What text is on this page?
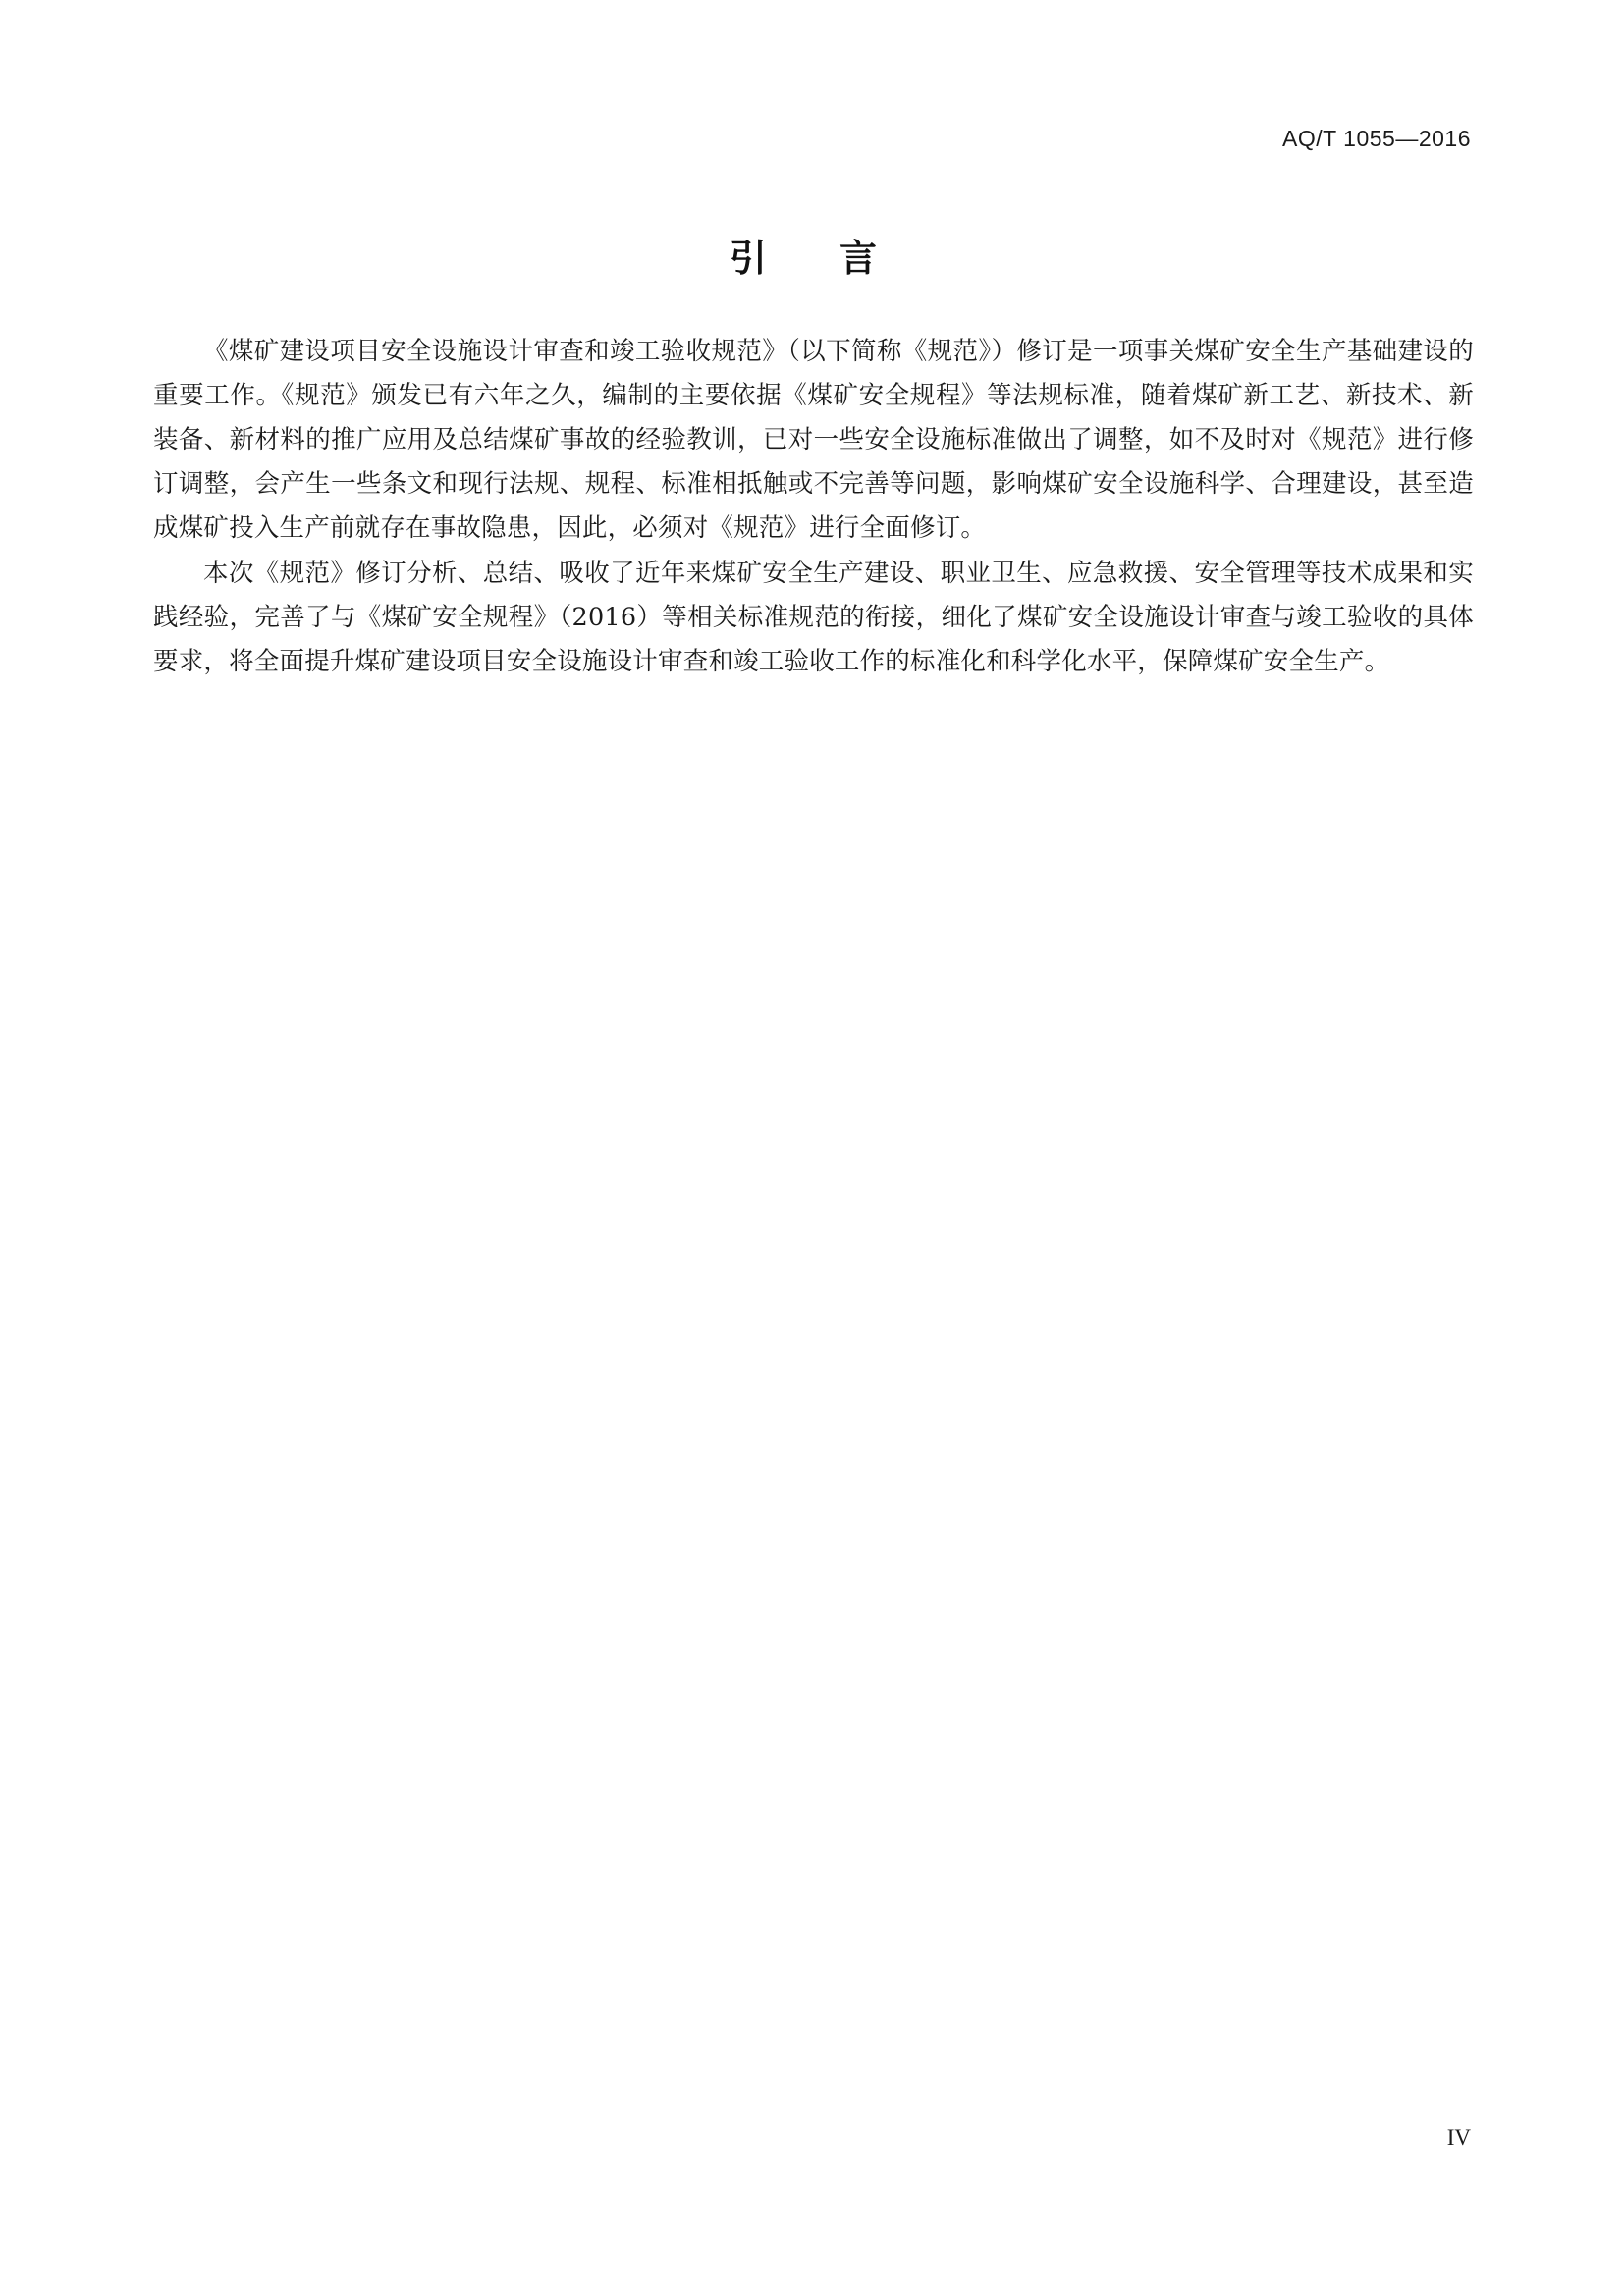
AQ/T 1055—2016
引　言

《煤矿建设项目安全设施设计审查和竣工验收规范》（以下简称《规范》）修订是一项事关煤矿安全生产基础建设的重要工作。《规范》颁发已有六年之久，编制的主要依据《煤矿安全规程》等法规标准，随着煤矿新工艺、新技术、新装备、新材料的推广应用及总结煤矿事故的经验教训，已对一些安全设施标准做出了调整，如不及时对《规范》进行修订调整，会产生一些条文和现行法规、规程、标准相抵触或不完善等问题，影响煤矿安全设施科学、合理建设，甚至造成煤矿投入生产前就存在事故隐患，因此，必须对《规范》进行全面修订。

本次《规范》修订分析、总结、吸收了近年来煤矿安全生产建设、职业卫生、应急救援、安全管理等技术成果和实践经验，完善了与《煤矿安全规程》（2016）等相关标准规范的衔接，细化了煤矿安全设施设计审查与竣工验收的具体要求，将全面提升煤矿建设项目安全设施设计审查和竣工验收工作的标准化和科学化水平，保障煤矿安全生产。

IV
